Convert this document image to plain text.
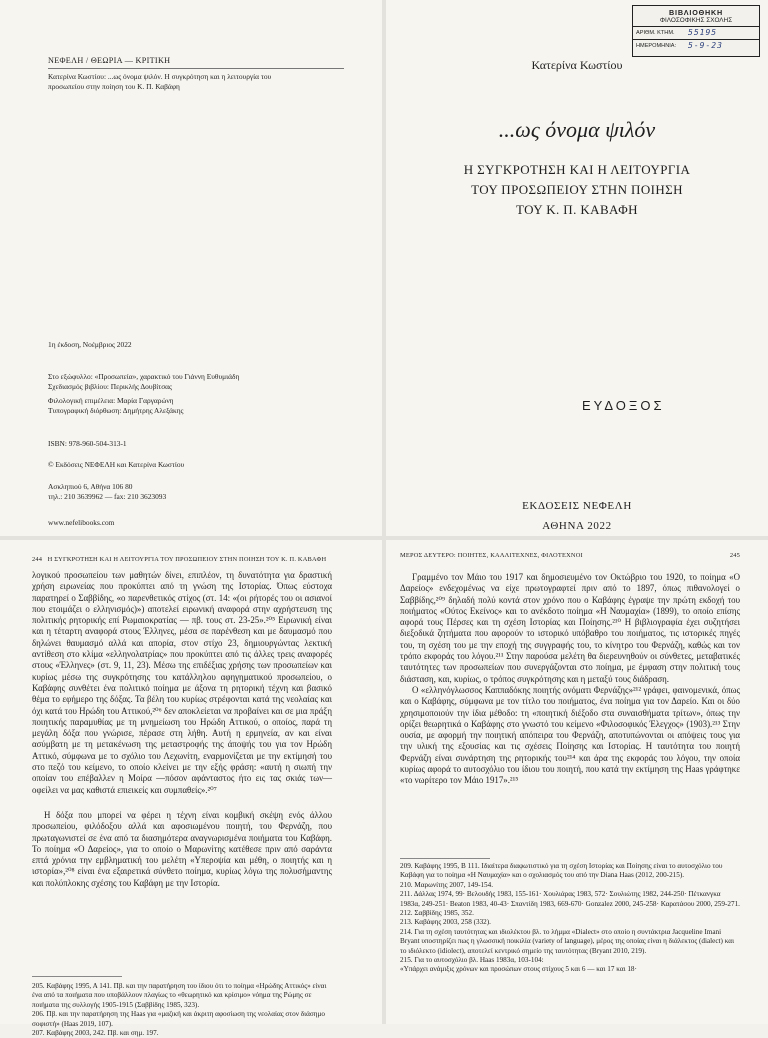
ΝΕΦΕΛΗ / ΘΕΩΡΙΑ — ΚΡΙΤΙΚΗ
Κατερίνα Κωστίου: ...ως όνομα ψιλόν. Η συγκρότηση και η λειτουργία του
προσωπείου στην ποίηση του Κ. Π. Καβάφη
1η έκδοση, Νοέμβριος 2022
Στο εξώφυλλο: «Προσωπεία», χαρακτικό του Γιάννη Ευθυμιάδη
Σχεδιασμός βιβλίου: Περικλής Δουβίτσας
Φιλολογική επιμέλεια: Μαρία Γαργαρώνη
Τυπογραφική διόρθωση: Δημήτρης Αλεξάκης
ISBN: 978-960-504-313-1
© Εκδόσεις ΝΕΦΕΛΗ και Κατερίνα Κωστίου
Ασκληπιού 6, Αθήνα 106 80
τηλ.: 210 3639962 — fax: 210 3623093
www.nefelibooks.com
ΒΙΒΛΙΟΘΗΚΗ
ΦΙΛΟΣΟΦΙΚΗΣ ΣΧΟΛΗΣ
ΑΡΙΘΜ. ΚΤΗΜ.	55195
ΗΜΕΡΟΜΗΝΙΑ:	5-9-23
Κατερίνα Κωστίου
...ως όνομα ψιλόν
Η ΣΥΓΚΡΟΤΗΣΗ ΚΑΙ Η ΛΕΙΤΟΥΡΓΙΑ
ΤΟΥ ΠΡΟΣΩΠΕΙΟΥ ΣΤΗΝ ΠΟΙΗΣΗ
ΤΟΥ Κ. Π. ΚΑΒΑΦΗ
ΕΥΔΟΞΟΣ
ΕΚΔΟΣΕΙΣ ΝΕΦΕΛΗ
ΑΘΗΝΑ 2022
244 Η ΣΥΓΚΡΟΤΗΣΗ ΚΑΙ Η ΛΕΙΤΟΥΡΓΙΑ ΤΟΥ ΠΡΟΣΩΠΕΙΟΥ ΣΤΗΝ ΠΟΙΗΣΗ ΤΟΥ Κ. Π. ΚΑΒΑΦΗ

λογικού προσωπείου των μαθητών δίνει, επιπλέον, τη δυνατότητα για δραστική χρήση ειρωνείας που προκύπτει από τη γνώση της Ιστορίας. Όπως εύστοχα παρατηρεί ο Σαββίδης, «ο παρενθετικός στίχος (στ. 14: «(οι ρήτορές του οι ασιανοί που ετοιμάζει ο ελληνισμός)») αποτελεί ειρωνική αναφορά στην αχρήστευση της πολιτικής ρητορικής επί Ρωμαιοκρατίας — πβ. τους στ. 23-25».²⁰⁵ Ειρωνική είναι και η τέταρτη αναφορά στους Έλληνες, μέσα σε παρένθεση και με δαυμασμό που δηλώνει θαυμασμό αλλά και απορία, στον στίχο 23, δημιουργώντας λεκτική αντίθεση στο κλίμα «ελληνολατρίας» που προκύπτει από τις άλλες τρεις αναφορές στους «Έλληνες» (στ. 9, 11, 23). Μέσω της επιδέξιας χρήσης των προσωπείων και κυρίως μέσω της συγκρότησης του κατάλληλου αφηγηματικού προσωπείου, ο Καβάφης συνθέτει ένα πολιτικό ποίημα με άξονα τη ρητορική τέχνη και βασικό θέμα το εφήμερο της δόξας. Τα βέλη του κυρίως στρέφονται κατά της νεολαίας και όχι κατά του Ηρώδη του Αττικού,²⁰⁶ δεν αποκλείεται να προβαίνει και σε μια πράξη ποιητικής παραμυθίας με τη μνημείωση του Ηρώδη Αττικού, ο οποίος, παρά τη μεγάλη δόξα που γνώρισε, πέρασε στη λήθη. Αυτή η ερμηνεία, αν και είναι ασύμβατη με τη μετακένωση της μεταστροφής της άποψής του για τον Ηρώδη Αττικό, σύμφωνα με το σχόλιο του Λεχωνίτη, εναρμονίζεται με την εκτίμησή του στο πεζό του κείμενο, το οποίο κλείνει με την εξής φράση: «αυτή η σιωπή την οποίαν του επέβαλλεν η Μοίρα —πόσον αφάνταστος ήτο εις τας σκιάς των— οφείλει να μας καθιστά επιεικείς και συμπαθείς».²⁰⁷

Η δόξα που μπορεί να φέρει η τέχνη είναι κομβική σκέψη ενός άλλου προσωπείου, φιλόδοξου αλλά και αφοσιωμένου ποιητή, του Φερνάζη, που πρωταγωνιστεί σε ένα από τα διασημότερα αναγνωρισμένα ποιήματα του Καβάφη. Το ποίημα «Ο Δαρείος», για το οποίο ο Μαρωνίτης κατέθεσε πριν από σαράντα επτά χρόνια την εμβληματική του μελέτη «Υπεροψία και μέθη, ο ποιητής και η ιστορία»,²⁰⁸ είναι ένα εξαιρετικά σύνθετο ποίημα, κυρίως λόγω της πολυσήμαντης και πολύπλοκης σχέσης του Καβάφη με την Ιστορία.

205. Καβάφης 1995, Α 141. Πβ. και την παρατήρηση του ίδιου ότι το ποίημα «Ηρώδης Αττικός» είναι ένα από τα ποιήματα που υποβάλλουν πλαγίως το «θεωρητικό και κρίσιμο» νόημα της Ρώμης σε ποιήματα της συλλογής 1905-1915 (Σαββίδης 1985, 323).

206. Πβ. και την παρατήρηση της Haas για «μαζική και άκριτη αφοσίωση της νεολαίας στον διάσημο σοφιστή» (Haas 2019, 107).

207. Καβάφης 2003, 242. Πβ. και σημ. 197.

ΜΕΡΟΣ ΔΕΥΤΕΡΟ: ΠΟΙΗΤΕΣ, ΚΑΛΛΙΤΕΧΝΕΣ, ΦΙΛΟΤΕΧΝΟΙ	245

Γραμμένο τον Μάιο του 1917 και δημοσιευμένο τον Οκτώβριο του 1920, το ποίημα «Ο Δαρείος» ενδεχομένως να είχε πρωτογραφτεί πριν από το 1897, όπως πιθανολογεί ο Σαββίδης,²⁰⁹ δηλαδή πολύ κοντά στον χρόνο που ο Καβάφης έγραψε την πρώτη εκδοχή του ποιήματος «Ούτος Εκείνος» και το ανέκδοτο ποίημα «Η Ναυμαχία» (1899), το οποίο επίσης αφορά τους Πέρσες και τη σχέση Ιστορίας και Ποίησης.²¹⁰ Η βιβλιογραφία έχει συζητήσει διεξοδικά ζητήματα που αφορούν το ιστορικό υπόβαθρο του ποιήματος, τις ιστορικές πηγές του, τη σχέση του με την εποχή της συγγραφής του, το κίνητρο του Φερνάζη, καθώς και τον τρόπο εκφοράς του λόγου.²¹¹ Στην παρούσα μελέτη θα διερευνηθούν οι σύνθετες, μεταβατικές ταυτότητες των προσωπείων που συνεργάζονται στο ποίημα, με έμφαση στην πολιτική τους διάσταση, και, κυρίως, ο τρόπος συγκρότησης και η μεταξύ τους διάδραση.

Ο «ελληνόγλωσσος Καππαδόκης ποιητής ονόματι Φερνάζης»²¹² γράφει, φαινομενικά, όπως και ο Καβάφης, σύμφωνα με τον τίτλο του ποιήματος, ένα ποίημα για τον Δαρείο. Και οι δύο χρησιμοποιούν την ίδια μέθοδο: τη «ποιητική διέξοδο στα συναισθήματα τρίτων», όπως την ορίζει θεωρητικά ο Καβάφης στο γνωστό του κείμενο «Φιλοσοφικός Έλεγχος» (1903).²¹³ Στην ουσία, με αφορμή την ποιητική απόπειρα του Φερνάζη, αποτυπώνονται οι απόψεις τους για την υλική της εξουσίας και τις σχέσεις Ποίησης και Ιστορίας. Η ταυτότητα του ποιητή Φερνάζη είναι συνάρτηση της ρητορικής του²¹⁴ και άρα της εκφοράς του λόγου, την οποία κυρίως αφορά το αυτοσχόλιο του ίδιου του ποιητή, που κατά την εκτίμηση της Haas γράφτηκε «το νωρίτερο τον Μάιο 1917».²¹⁵

209. Καβάφης 1995, Β 111. Ιδιαίτερα διαφωτιστικό για τη σχέση Ιστορίας και Ποίησης είναι το αυτοσχόλιο του Καβάφη για το ποίημα «Η Ναυμαχία» και ο σχολιασμός του από την Diana Haas (2012, 200-215).

210. Μαρωνίτης 2007, 149-154.

211. Δάλλας 1974, 99· Βελουδής 1983, 155-161· Χουλιάρας 1983, 572· Σουλιώτης 1982, 244-250· Πέτκανγκα 1983α, 249-251· Beaton 1983, 40-43· Σπαντίδη 1983, 669-670· Gonzalez 2000, 245-258· Καρατάσου 2000, 259-271.

212. Σαββίδης 1985, 352.

213. Καβάφης 2003, 258 (332).

214. Για τη σχέση ταυτότητας και ιδιολέκτου βλ. το λήμμα «Dialect» στο οποίο η συντάκτρια Jacqueline Imani Bryant υποστηρίζει πως η γλωσσική ποικιλία (variety of language), μέρος της οποίας είναι η διάλεκτος (dialect) και το ιδιόλεκτο (idiolect), αποτελεί κεντρικό σημείο της ταυτότητας (Bryant 2010, 219).

215. Για το αυτοσχόλιο βλ. Haas 1983α, 103-104:

«Υπάρχει ανάμιξις χρόνων και προσώπων στους στίχους 5 και 6 — και 17 και 18·
